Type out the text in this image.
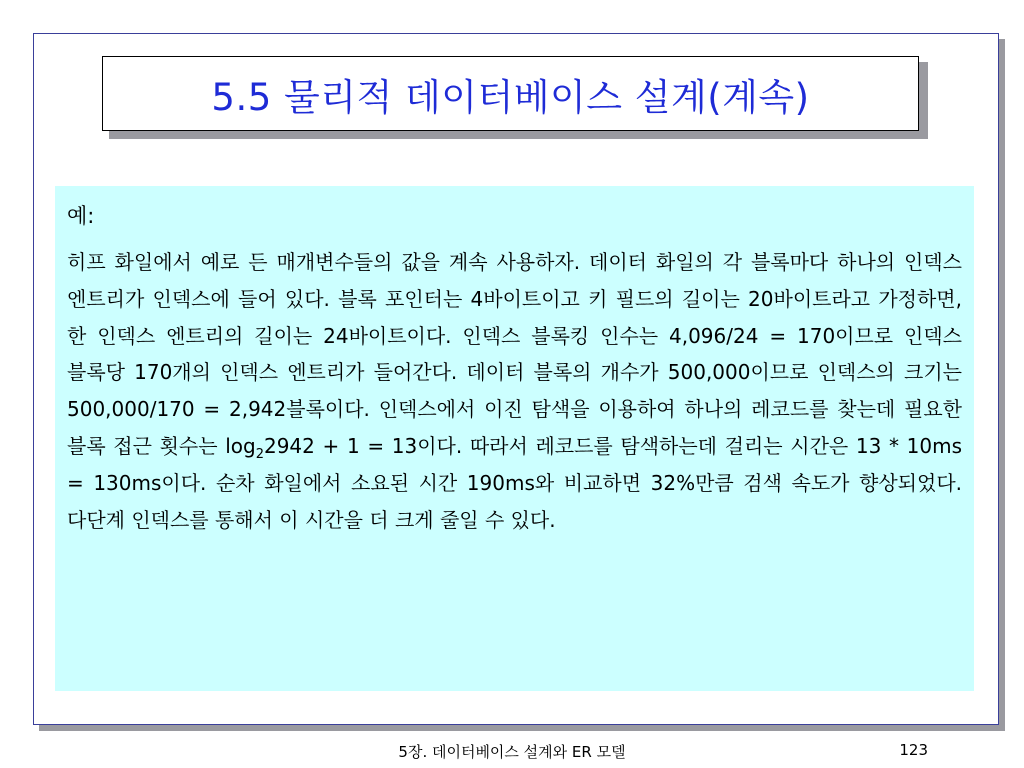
5.5 물리적 데이터베이스 설계(계속)
예:

히프 화일에서 예로 든 매개변수들의 값을 계속 사용하자. 데이터 화일의 각 블록마다 하나의 인덱스 엔트리가 인덱스에 들어 있다. 블록 포인터는 4바이트이고 키 필드의 길이는 20바이트라고 가정하면, 한 인덱스 엔트리의 길이는 24바이트이다. 인덱스 블록킹 인수는 4,096/24 = 170이므로 인덱스 블록당 170개의 인덱스 엔트리가 들어간다. 데이터 블록의 개수가 500,000이므로 인덱스의 크기는 500,000/170 = 2,942블록이다. 인덱스에서 이진 탐색을 이용하여 하나의 레코드를 찾는데 필요한 블록 접근 횟수는 $\log_22942 + 1 = 13$이다. 따라서 레코드를 탐색하는데 걸리는 시간은 13 * 10ms = 130ms이다. 순차 화일에서 소요된 시간 190ms와 비교하면 32%만큼 검색 속도가 향상되었다. 다단계 인덱스를 통해서 이 시간을 더 크게 줄일 수 있다.

5장. 데이터베이스 설계와 ER 모델	123
